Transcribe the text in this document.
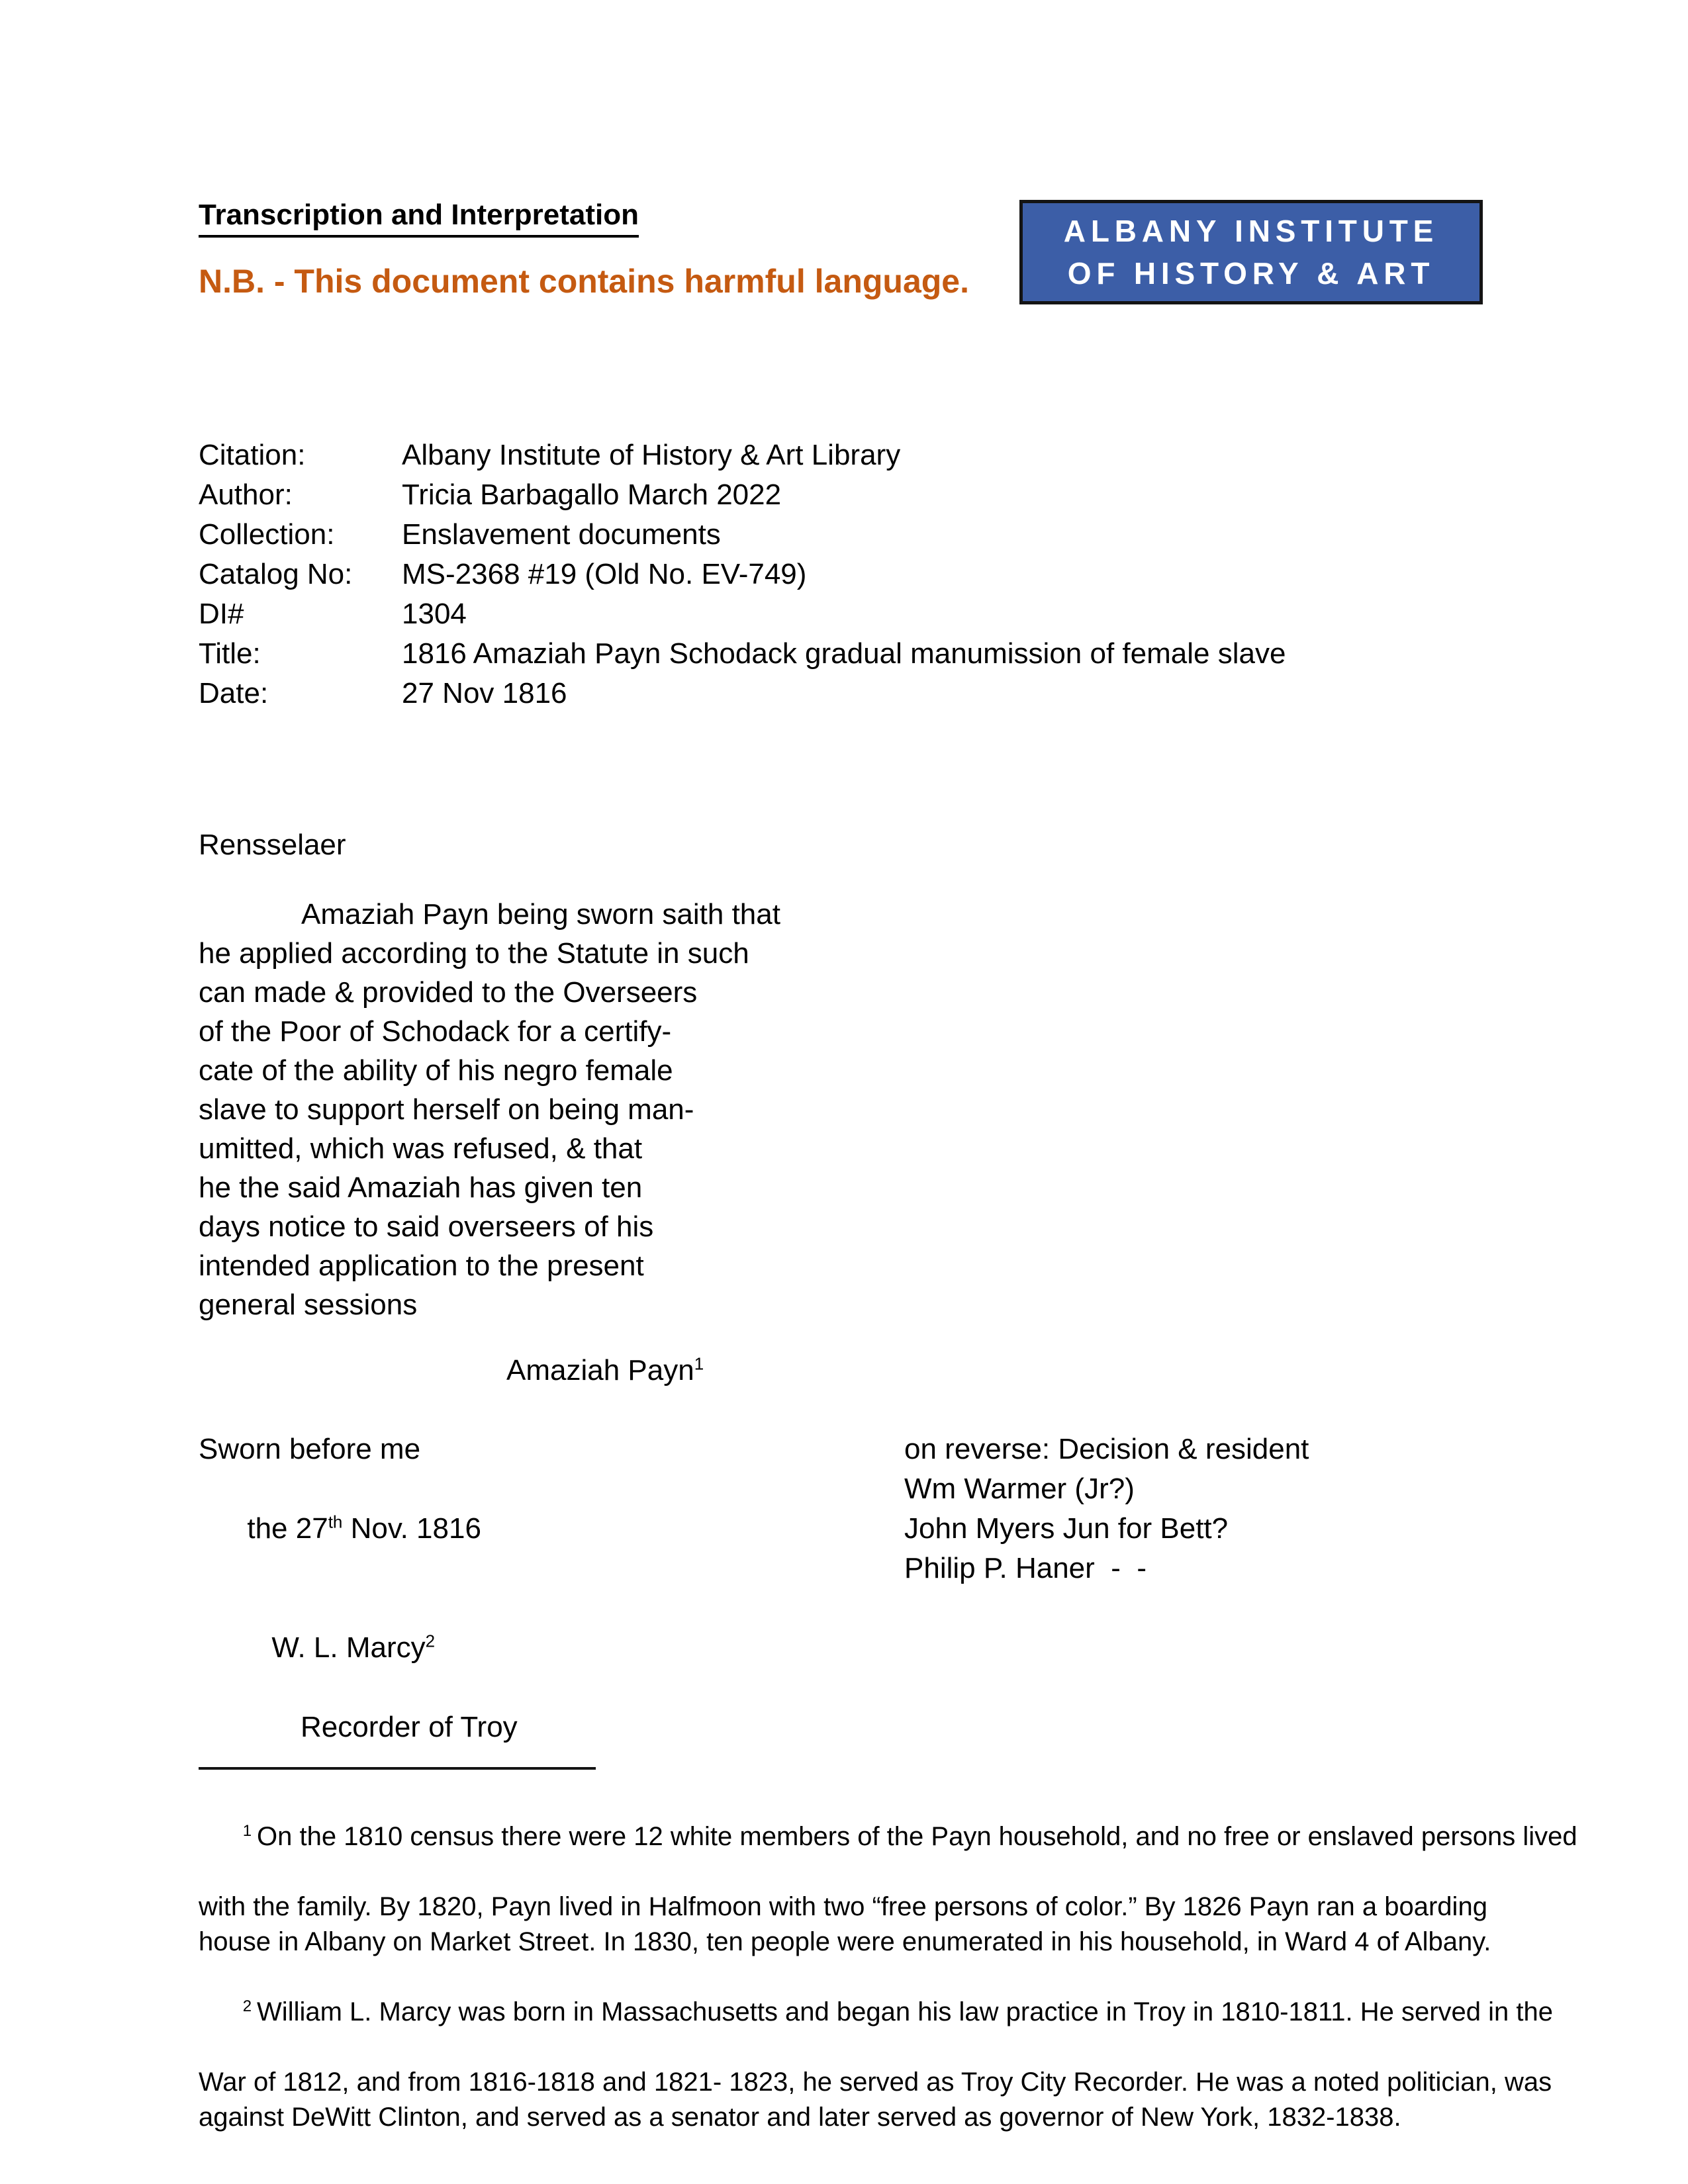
Transcription and Interpretation
N.B. - This document contains harmful language.
ALBANY INSTITUTE
OF HISTORY & ART
Citation:	Albany Institute of History & Art Library
Author:	Tricia Barbagallo March 2022
Collection: Enslavement documents
Catalog No: MS-2368 #19 (Old No. EV-749)
DI#	1304
Title:	1816 Amaziah Payn Schodack gradual manumission of female slave
Date:	27 Nov 1816
Rensselaer
Amaziah Payn being sworn saith that
he applied according to the Statute in such
can made & provided to the Overseers
of the Poor of Schodack for a certify-
cate of the ability of his negro female
slave to support herself on being man-
umitted, which was refused, & that
he the said Amaziah has given ten
days notice to said overseers of his
intended application to the present
general sessions
Amaziah Payn$^1$
Sworn before me

the 27th Nov. 1816

W. L. Marcy$^2$

Recorder of Troy
on reverse: Decision & resident
Wm Warmer (Jr?)
John Myers Jun for Bett?
Philip P. Haner  -  -

$^1$ On the 1810 census there were 12 white members of the Payn household, and no free or enslaved persons lived

with the family. By 1820, Payn lived in Halfmoon with two “free persons of color.” By 1826 Payn ran a boarding
house in Albany on Market Street. In 1830, ten people were enumerated in his household, in Ward 4 of Albany.

$^2$ William L. Marcy was born in Massachusetts and began his law practice in Troy in 1810-1811. He served in the

War of 1812, and from 1816-1818 and 1821- 1823, he served as Troy City Recorder. He was a noted politician, was
against DeWitt Clinton, and served as a senator and later served as governor of New York, 1832-1838.
